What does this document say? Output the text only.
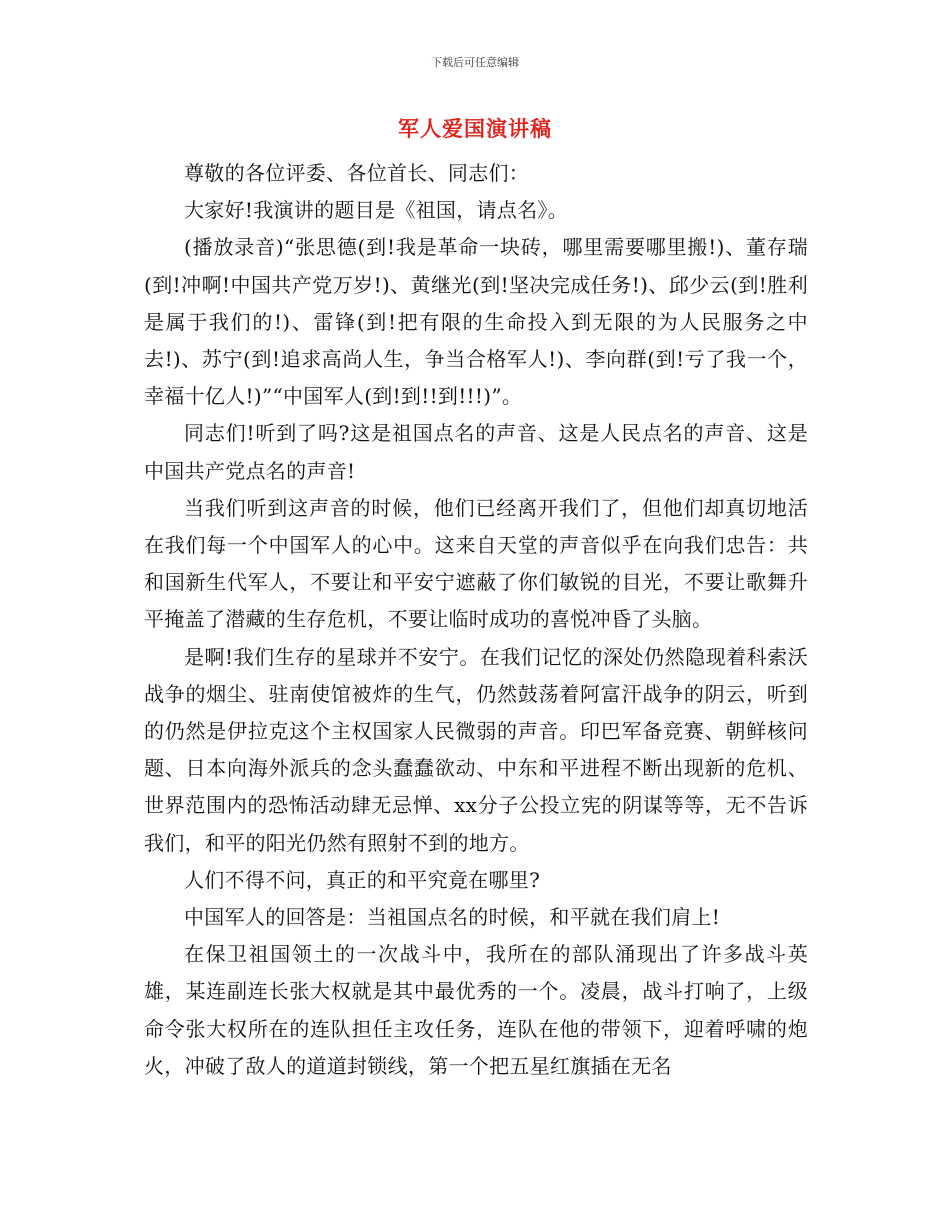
下载后可任意编辑
军人爱国演讲稿

尊敬的各位评委、各位首长、同志们：

大家好!我演讲的题目是《祖国，请点名》。

(播放录音)“张思德(到!我是革命一块砖，哪里需要哪里搬!)、董存瑞(到!冲啊!中国共产党万岁!)、黄继光(到!坚决完成任务!)、邱少云(到!胜利是属于我们的!)、雷锋(到!把有限的生命投入到无限的为人民服务之中去!)、苏宁(到!追求高尚人生，争当合格军人!)、李向群(到!亏了我一个，幸福十亿人!)”“中国军人(到!到!!到!!!)”。

同志们!听到了吗?这是祖国点名的声音、这是人民点名的声音、这是中国共产党点名的声音!

当我们听到这声音的时候，他们已经离开我们了，但他们却真切地活在我们每一个中国军人的心中。这来自天堂的声音似乎在向我们忠告：共和国新生代军人，不要让和平安宁遮蔽了你们敏锐的目光，不要让歌舞升平掩盖了潜藏的生存危机，不要让临时成功的喜悦冲昏了头脑。

是啊!我们生存的星球并不安宁。在我们记忆的深处仍然隐现着科索沃战争的烟尘、驻南使馆被炸的生气，仍然鼓荡着阿富汗战争的阴云，听到的仍然是伊拉克这个主权国家人民微弱的声音。印巴军备竞赛、朝鲜核问题、日本向海外派兵的念头蠢蠢欲动、中东和平进程不断出现新的危机、世界范围内的恐怖活动肆无忌惮、xx分子公投立宪的阴谋等等，无不告诉我们，和平的阳光仍然有照射不到的地方。

人们不得不问，真正的和平究竟在哪里?

中国军人的回答是：当祖国点名的时候，和平就在我们肩上!

在保卫祖国领土的一次战斗中，我所在的部队涌现出了许多战斗英雄，某连副连长张大权就是其中最优秀的一个。凌晨，战斗打响了，上级命令张大权所在的连队担任主攻任务，连队在他的带领下，迎着呼啸的炮火，冲破了敌人的道道封锁线，第一个把五星红旗插在无名
